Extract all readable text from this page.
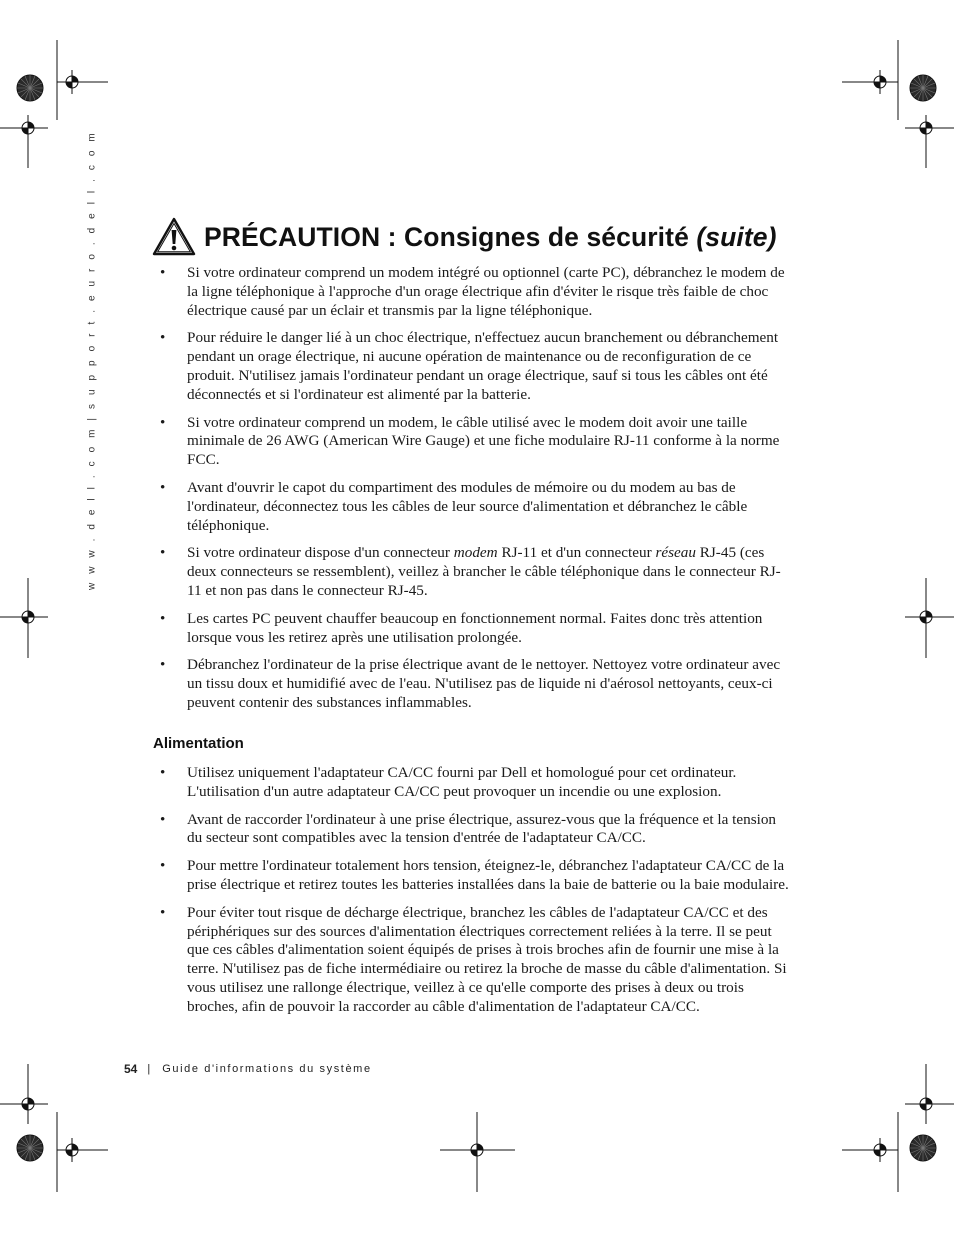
w w w . d e l l . c o m | s u p p o r t . e u r o . d e l l . c o m	PRÉCAUTION : Consignes de sécurité (suite)
•	Si votre ordinateur comprend un modem intégré ou optionnel (carte PC), débranchez le modem de la ligne téléphonique à l'approche d'un orage électrique afin d'éviter le risque très faible de choc électrique causé par un éclair et transmis par la ligne téléphonique.
•	Pour réduire le danger lié à un choc électrique, n'effectuez aucun branchement ou débranchement pendant un orage électrique, ni aucune opération de maintenance ou de reconfiguration de ce produit. N'utilisez jamais l'ordinateur pendant un orage électrique, sauf si tous les câbles ont été déconnectés et si l'ordinateur est alimenté par la batterie.
•	Si votre ordinateur comprend un modem, le câble utilisé avec le modem doit avoir une taille minimale de 26 AWG (American Wire Gauge) et une fiche modulaire RJ-11 conforme à la norme FCC.
•	Avant d'ouvrir le capot du compartiment des modules de mémoire ou du modem au bas de l'ordinateur, déconnectez tous les câbles de leur source d'alimentation et débranchez le câble téléphonique.
•	Si votre ordinateur dispose d'un connecteur modem RJ-11 et d'un connecteur réseau RJ-45 (ces deux connecteurs se ressemblent), veillez à brancher le câble téléphonique dans le connecteur RJ-11 et non pas dans le connecteur RJ-45.
•	Les cartes PC peuvent chauffer beaucoup en fonctionnement normal. Faites donc très attention lorsque vous les retirez après une utilisation prolongée.
•	Débranchez l'ordinateur de la prise électrique avant de le nettoyer. Nettoyez votre ordinateur avec un tissu doux et humidifié avec de l'eau. N'utilisez pas de liquide ni d'aérosol nettoyants, ceux-ci peuvent contenir des substances inflammables.
Alimentation
•	Utilisez uniquement l'adaptateur CA/CC fourni par Dell et homologué pour cet ordinateur. L'utilisation d'un autre adaptateur CA/CC peut provoquer un incendie ou une explosion.
•	Avant de raccorder l'ordinateur à une prise électrique, assurez-vous que la fréquence et la tension du secteur sont compatibles avec la tension d'entrée de l'adaptateur CA/CC.
•	Pour mettre l'ordinateur totalement hors tension, éteignez-le, débranchez l'adaptateur CA/CC de la prise électrique et retirez toutes les batteries installées dans la baie de batterie ou la baie modulaire.
•	Pour éviter tout risque de décharge électrique, branchez les câbles de l'adaptateur CA/CC et des périphériques sur des sources d'alimentation électriques correctement reliées à la terre. Il se peut que ces câbles d'alimentation soient équipés de prises à trois broches afin de fournir une mise à la terre. N'utilisez pas de fiche intermédiaire ou retirez la broche de masse du câble d'alimentation. Si vous utilisez une rallonge électrique, veillez à ce qu'elle comporte des prises à deux ou trois broches, afin de pouvoir la raccorder au câble d'alimentation de l'adaptateur CA/CC.
54 | Guide d'informations du système
